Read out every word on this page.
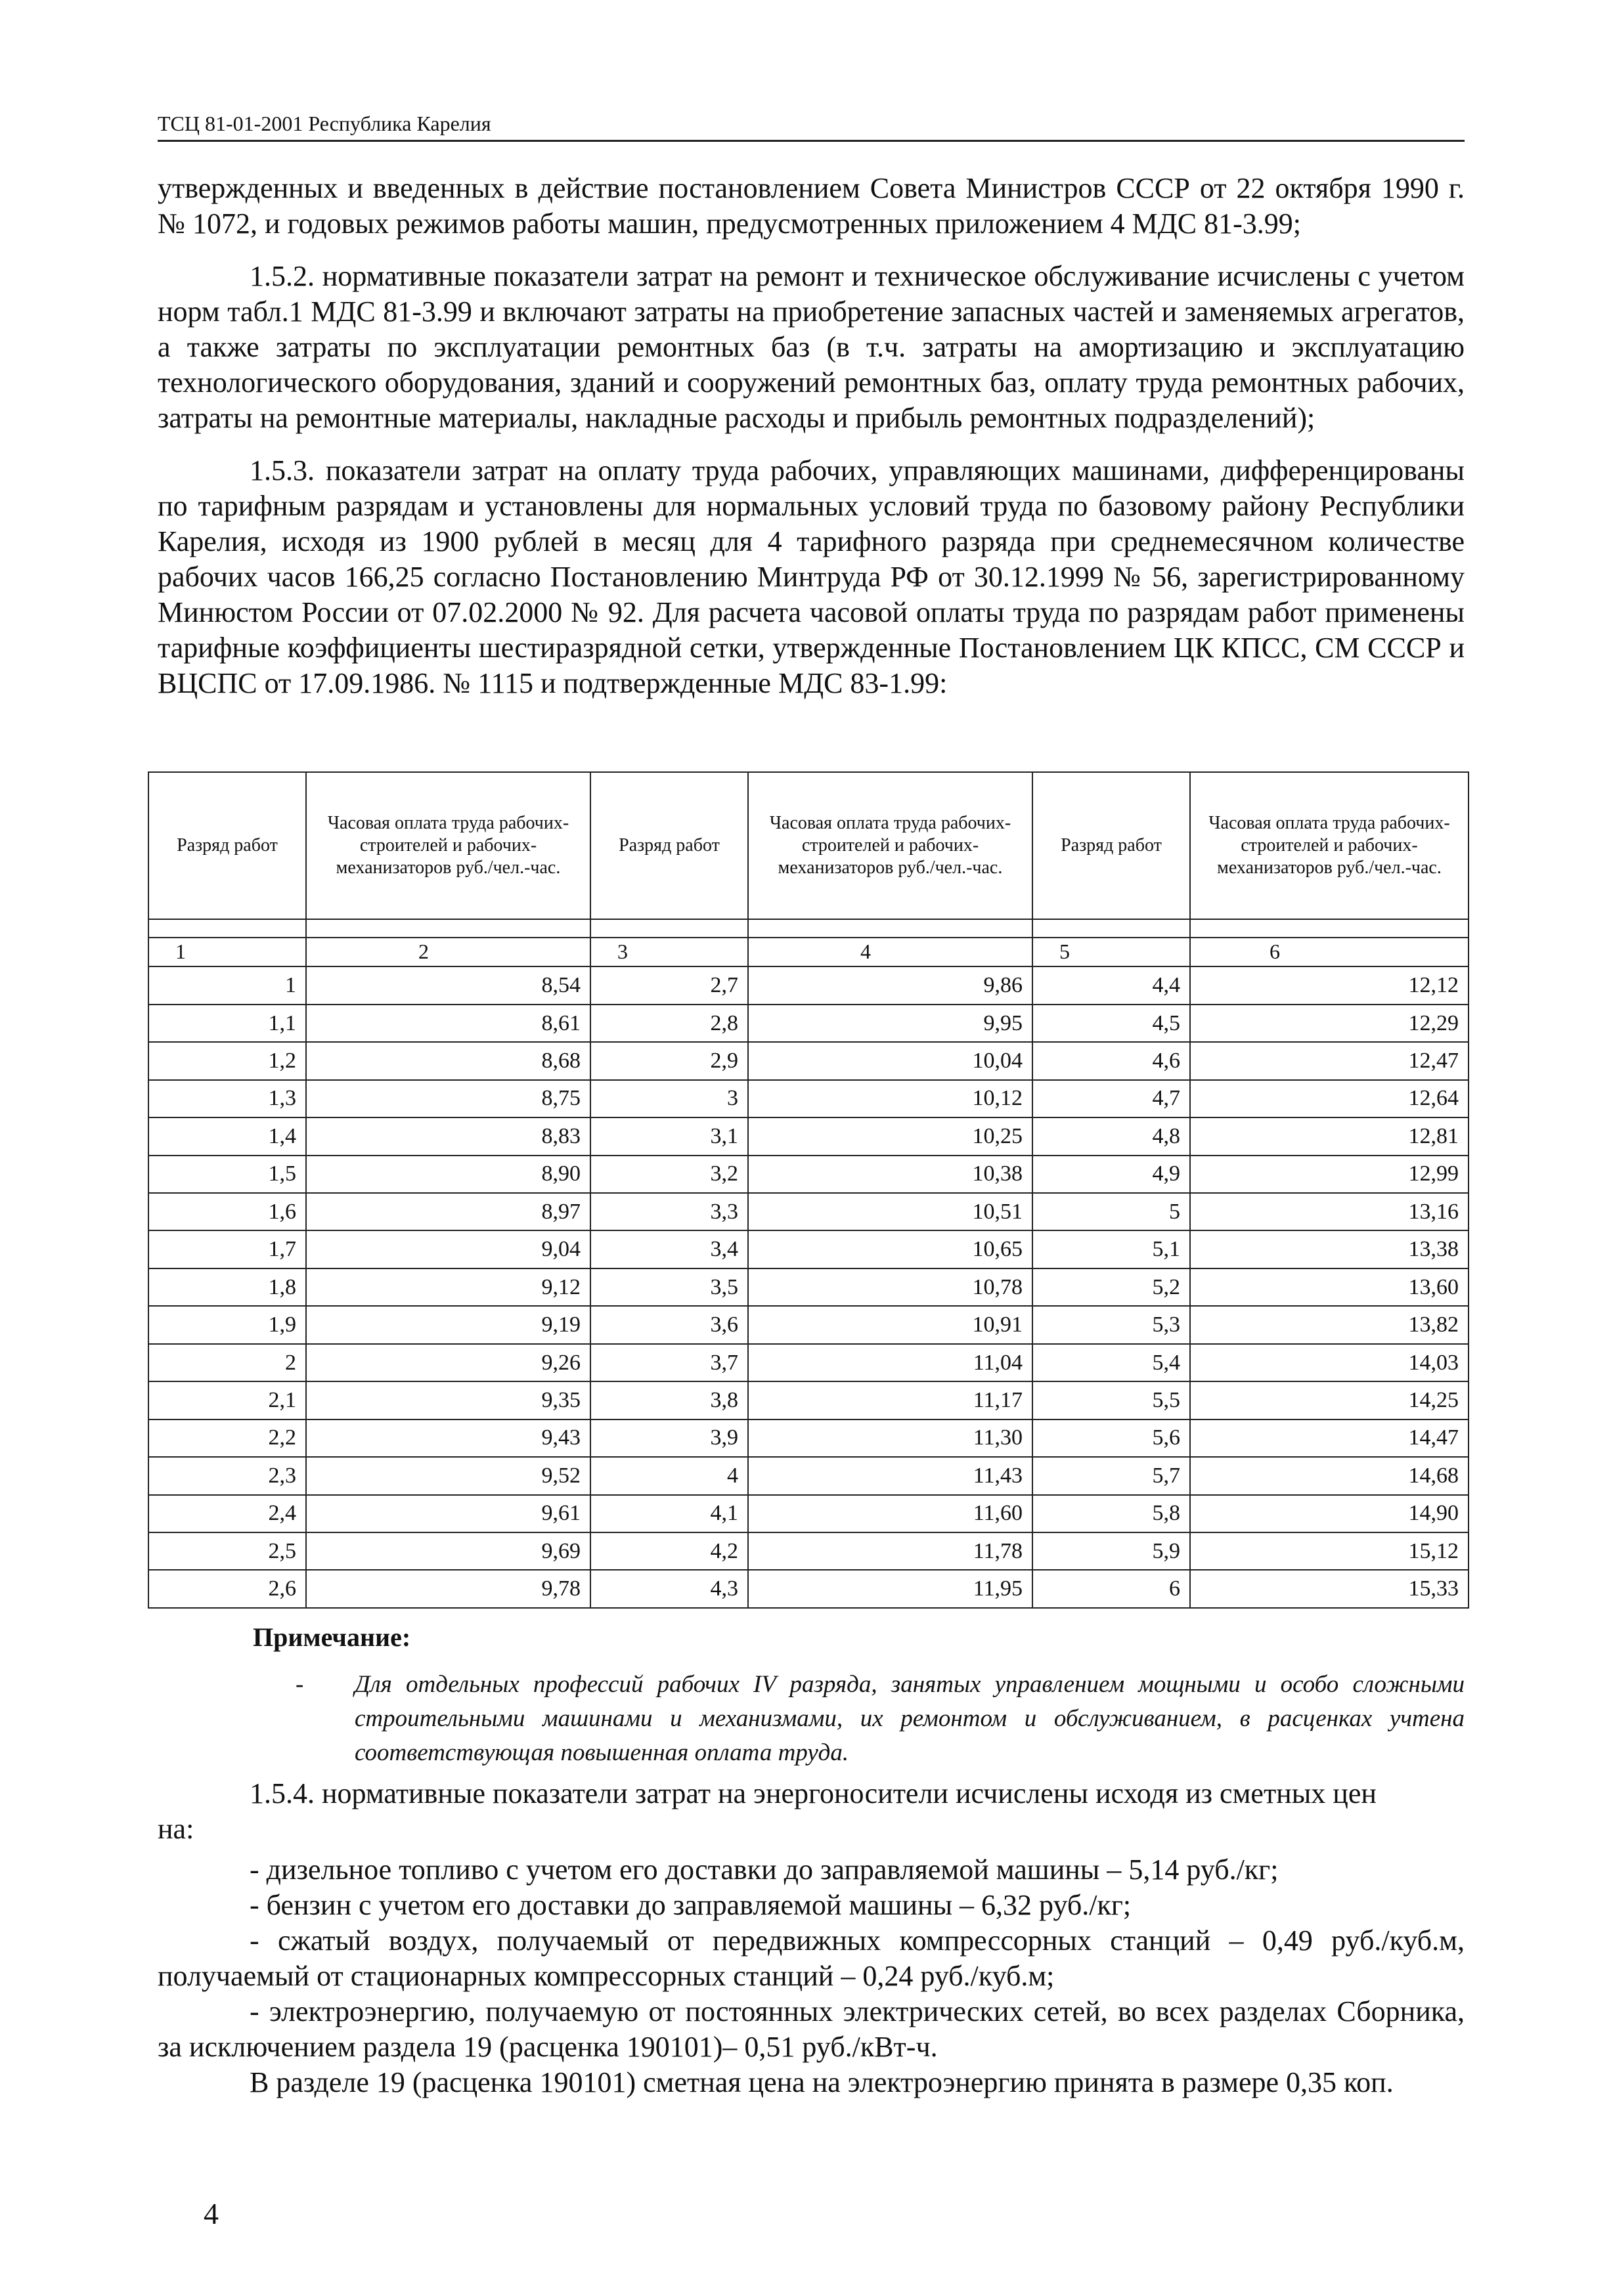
ТСЦ 81-01-2001 Республика Карелия

утвержденных и введенных в действие постановлением Совета Министров СССР от 22 октября 1990 г. № 1072, и годовых режимов работы машин, предусмотренных приложением 4 МДС 81-3.99;

1.5.2. нормативные показатели затрат на ремонт и техническое обслуживание исчислены с учетом норм табл.1 МДС 81-3.99 и включают затраты на приобретение запасных частей и заменяемых агрегатов, а также затраты по эксплуатации ремонтных баз (в т.ч. затраты на амортизацию и эксплуатацию технологического оборудования, зданий и сооружений ремонтных баз, оплату труда ремонтных рабочих, затраты на ремонтные материалы, накладные расходы и прибыль ремонтных подразделений);

1.5.3. показатели затрат на оплату труда рабочих, управляющих машинами, дифференцированы по тарифным разрядам и установлены для нормальных условий труда по базовому району Республики Карелия, исходя из 1900 рублей в месяц для 4 тарифного разряда при среднемесячном количестве рабочих часов 166,25 согласно Постановлению Минтруда РФ от 30.12.1999 № 56, зарегистрированному Минюстом России от 07.02.2000 № 92. Для расчета часовой оплаты труда по разрядам работ применены тарифные коэффициенты шестиразрядной сетки, утвержденные Постановлением ЦК КПСС, СМ СССР и ВЦСПС от 17.09.1986. № 1115 и подтвержденные МДС 83-1.99:

Разряд работ	Часовая оплата труда рабочих-строителей и рабочих-механизаторов руб./чел.-час.	Разряд работ	Часовая оплата труда рабочих-строителей и рабочих-механизаторов руб./чел.-час.	Разряд работ	Часовая оплата труда рабочих-строителей и рабочих-механизаторов руб./чел.-час.

1	2	3	4	5	6
1	8,54	2,7	9,86	4,4	12,12
1,1	8,61	2,8	9,95	4,5	12,29
1,2	8,68	2,9	10,04	4,6	12,47
1,3	8,75	3	10,12	4,7	12,64
1,4	8,83	3,1	10,25	4,8	12,81
1,5	8,90	3,2	10,38	4,9	12,99
1,6	8,97	3,3	10,51	5	13,16
1,7	9,04	3,4	10,65	5,1	13,38
1,8	9,12	3,5	10,78	5,2	13,60
1,9	9,19	3,6	10,91	5,3	13,82
2	9,26	3,7	11,04	5,4	14,03
2,1	9,35	3,8	11,17	5,5	14,25
2,2	9,43	3,9	11,30	5,6	14,47
2,3	9,52	4	11,43	5,7	14,68
2,4	9,61	4,1	11,60	5,8	14,90
2,5	9,69	4,2	11,78	5,9	15,12
2,6	9,78	4,3	11,95	6	15,33
Примечание:
- Для отдельных профессий рабочих IV разряда, занятых управлением мощными и особо сложными строительными машинами и механизмами, их ремонтом и обслуживанием, в расценках учтена соответствующая повышенная оплата труда.

1.5.4. нормативные показатели затрат на энергоносители исчислены исходя из сметных цен

на:

- дизельное топливо с учетом его доставки до заправляемой машины – 5,14 руб./кг;

- бензин с учетом его доставки до заправляемой машины – 6,32 руб./кг;

- сжатый воздух, получаемый от передвижных компрессорных станций – 0,49 руб./куб.м, получаемый от стационарных компрессорных станций – 0,24 руб./куб.м;

- электроэнергию, получаемую от постоянных электрических сетей, во всех разделах Сборника, за исключением раздела 19 (расценка 190101)– 0,51 руб./кВт-ч.

В разделе 19 (расценка 190101) сметная цена на электроэнергию принята в размере 0,35 коп.

4
